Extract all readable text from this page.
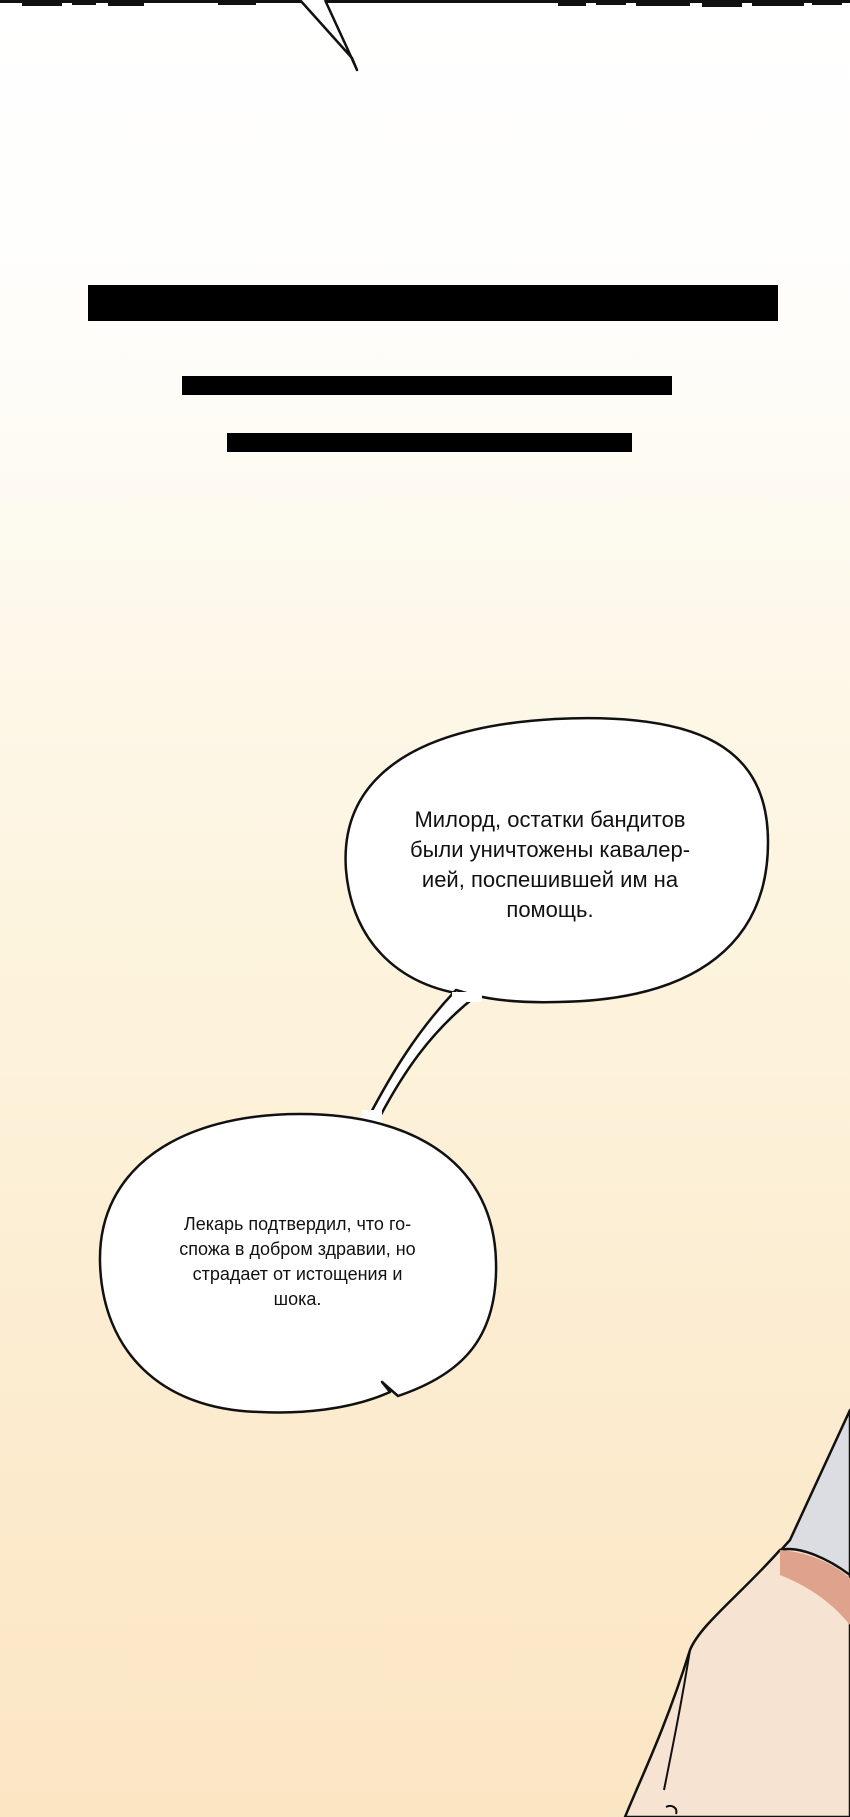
Милорд, остатки бандитов
были уничтожены кавалер-
ией, поспешившей им на
помощь.

Лекарь подтвердил, что го-
спожа в добром здравии, но
страдает от истощения и
шока.
